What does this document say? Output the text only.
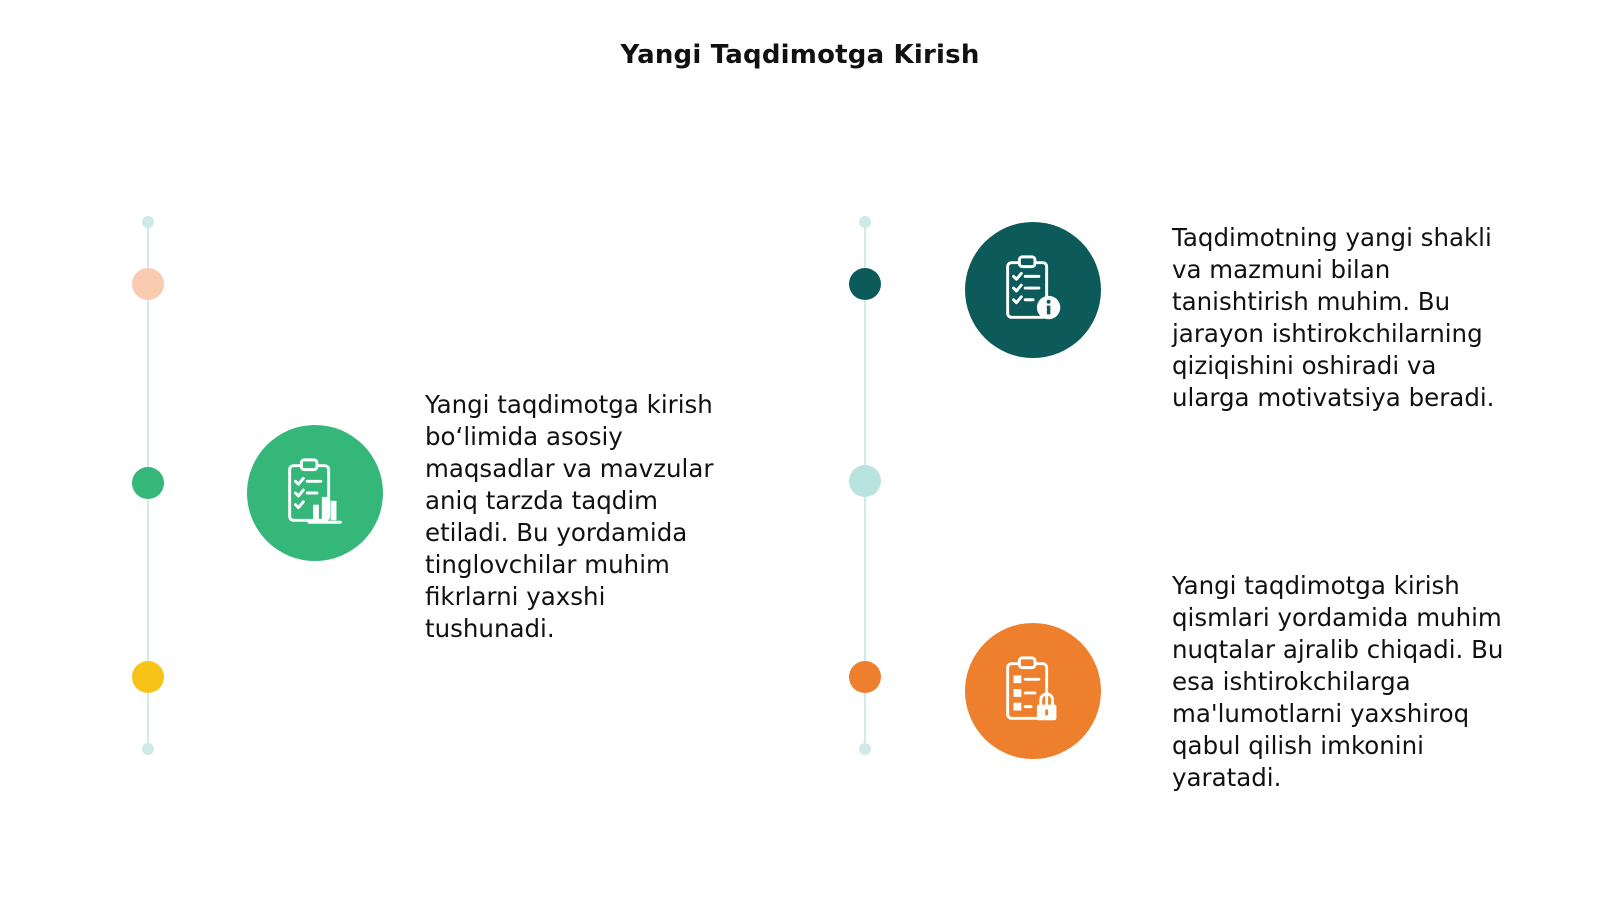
Yangi Taqdimotga Kirish

Yangi taqdimotga kirish
bo‘limida asosiy
maqsadlar va mavzular
aniq tarzda taqdim
etiladi. Bu yordamida
tinglovchilar muhim
fikrlarni yaxshi
tushunadi.

Taqdimotning yangi shakli
va mazmuni bilan
tanishtirish muhim. Bu
jarayon ishtirokchilarning
qiziqishini oshiradi va
ularga motivatsiya beradi.

Yangi taqdimotga kirish
qismlari yordamida muhim
nuqtalar ajralib chiqadi. Bu
esa ishtirokchilarga
ma'lumotlarni yaxshiroq
qabul qilish imkonini
yaratadi.
